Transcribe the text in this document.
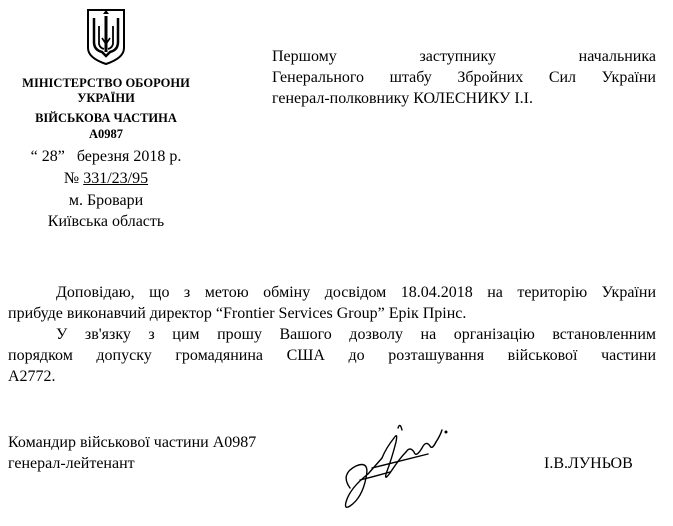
МІНІСТЕРСТВО ОБОРОНИ
УКРАЇНИ
ВІЙСЬКОВА ЧАСТИНА
А0987
“ 28” березня 2018 р.
№ 331/23/95
м. Бровари
Київська область
Першому заступнику начальника
Генерального штабу Збройних Сил України
генерал-полковнику КОЛЕСНИКУ І.І.
Доповідаю, що з метою обміну досвідом 18.04.2018 на територію України
прибуде виконавчий директор “Frontier Services Group” Ерік Прінс.
У зв'язку з цим прошу Вашого дозволу на організацію встановленним
порядком допуску громадянина США до розташування військової частини
А2772.
Командир військової частини А0987
генерал-лейтенант	І.В.ЛУНЬОВ
